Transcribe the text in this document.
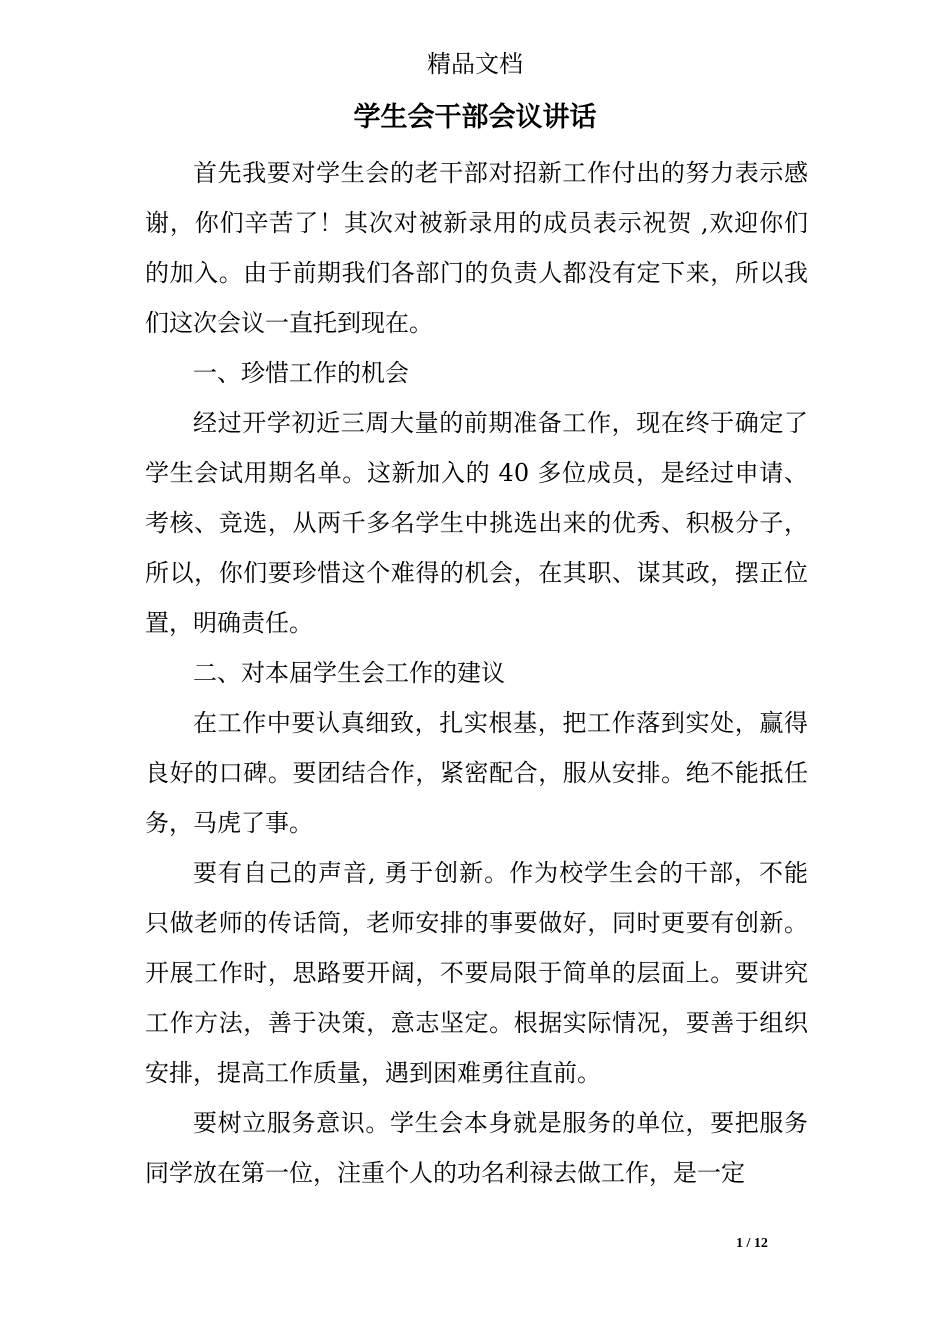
精品文档
学生会干部会议讲话

首先我要对学生会的老干部对招新工作付出的努力表示感谢，你们辛苦了！其次对被新录用的成员表示祝贺 ,欢迎你们的加入。由于前期我们各部门的负责人都没有定下来，所以我们这次会议一直托到现在。

一、珍惜工作的机会

经过开学初近三周大量的前期准备工作，现在终于确定了学生会试用期名单。这新加入的 40 多位成员，是经过申请、考核、竞选，从两千多名学生中挑选出来的优秀、积极分子，所以，你们要珍惜这个难得的机会，在其职、谋其政，摆正位置，明确责任。

二、对本届学生会工作的建议

在工作中要认真细致，扎实根基，把工作落到实处，赢得良好的口碑。要团结合作，紧密配合，服从安排。绝不能抵任务，马虎了事。

要有自己的声音, 勇于创新。作为校学生会的干部，不能只做老师的传话筒，老师安排的事要做好，同时更要有创新。开展工作时，思路要开阔，不要局限于简单的层面上。要讲究工作方法，善于决策，意志坚定。根据实际情况，要善于组织安排，提高工作质量，遇到困难勇往直前。

要树立服务意识。学生会本身就是服务的单位，要把服务同学放在第一位，注重个人的功名利禄去做工作，是一定

1 / 12
